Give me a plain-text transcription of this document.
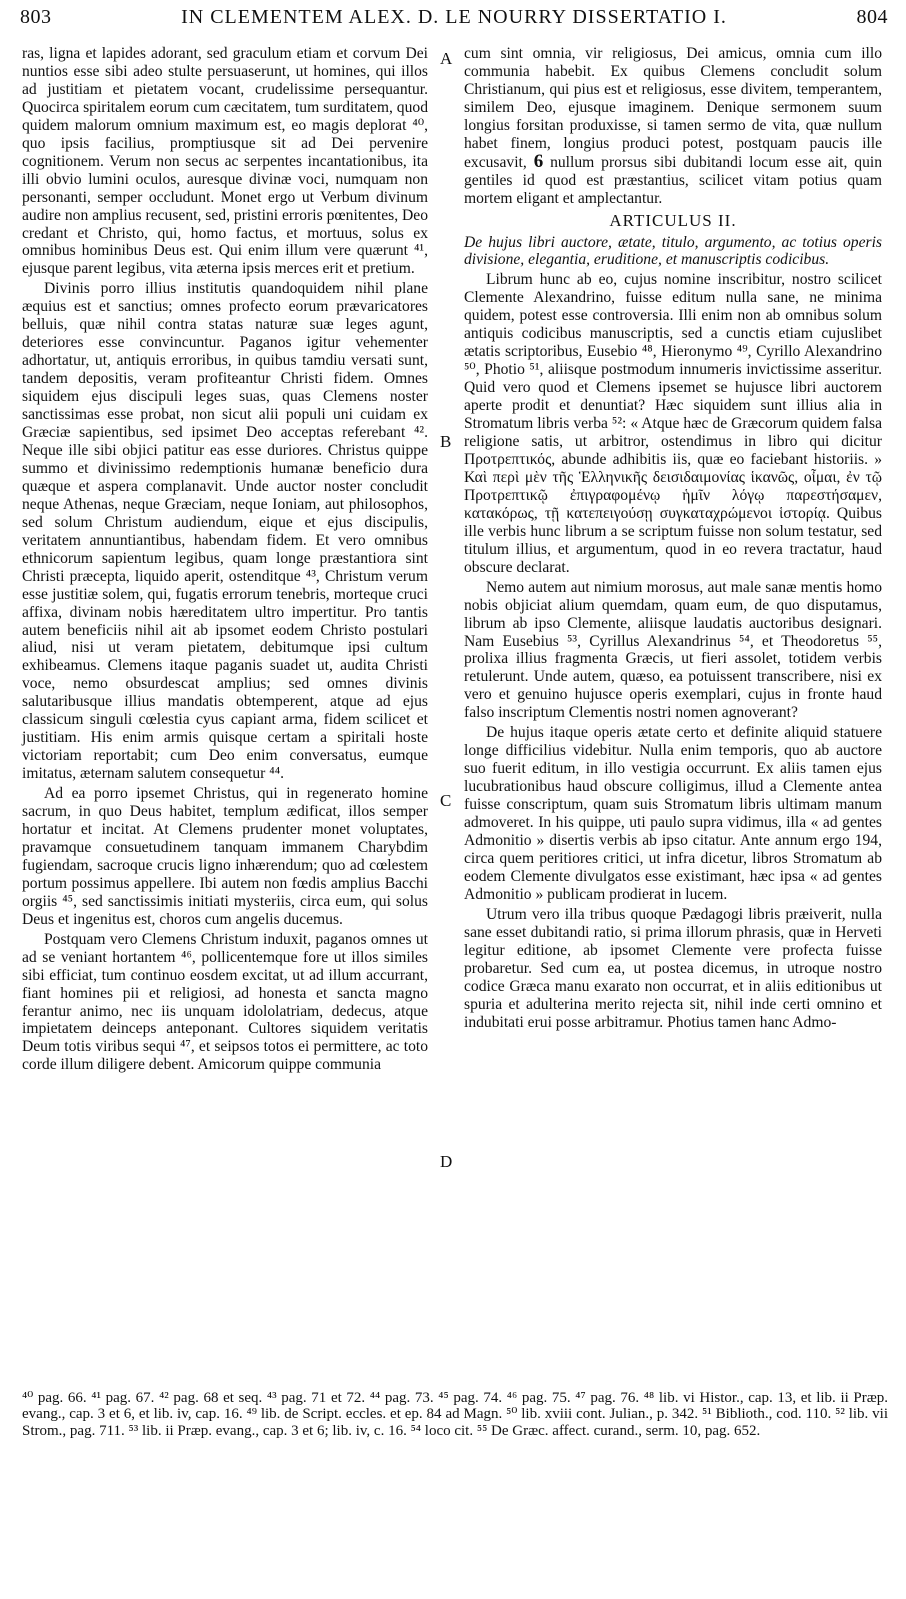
803	IN CLEMENTEM ALEX. D. LE NOURRY DISSERTATIO I.	804
A
B
C
D

ras, ligna et lapides adorant, sed graculum etiam et corvum Dei nuntios esse sibi adeo stulte persuaserunt, ut homines, qui illos ad justitiam et pietatem vocant, crudelissime persequantur. Quocirca spiritalem eorum cum cæcitatem, tum surditatem, quod quidem malorum omnium maximum est, eo magis deplorat ⁴⁰, quo ipsis facilius, promptiusque sit ad Dei pervenire cognitionem. Verum non secus ac serpentes incantationibus, ita illi obvio lumini oculos, auresque divinæ voci, numquam non personanti, semper occludunt. Monet ergo ut Verbum divinum audire non amplius recusent, sed, pristini erroris pœnitentes, Deo credant et Christo, qui, homo factus, et mortuus, solus ex omnibus hominibus Deus est. Qui enim illum vere quærunt ⁴¹, ejusque parent legibus, vita æterna ipsis merces erit et pretium.

Divinis porro illius institutis quandoquidem nihil plane æquius est et sanctius; omnes profecto eorum prævaricatores belluis, quæ nihil contra statas naturæ suæ leges agunt, deteriores esse convincuntur. Paganos igitur vehementer adhortatur, ut, antiquis erroribus, in quibus tamdiu versati sunt, tandem depositis, veram profiteantur Christi fidem. Omnes siquidem ejus discipuli leges suas, quas Clemens noster sanctissimas esse probat, non sicut alii populi uni cuidam ex Græciæ sapientibus, sed ipsimet Deo acceptas referebant ⁴². Neque ille sibi objici patitur eas esse duriores. Christus quippe summo et divinissimo redemptionis humanæ beneficio dura quæque et aspera complanavit. Unde auctor noster concludit neque Athenas, neque Græciam, neque Ioniam, aut philosophos, sed solum Christum audiendum, eique et ejus discipulis, veritatem annuntiantibus, habendam fidem. Et vero omnibus ethnicorum sapientum legibus, quam longe præstantiora sint Christi præcepta, liquido aperit, ostenditque ⁴³, Christum verum esse justitiæ solem, qui, fugatis errorum tenebris, morteque cruci affixa, divinam nobis hæreditatem ultro impertitur. Pro tantis autem beneficiis nihil ait ab ipsomet eodem Christo postulari aliud, nisi ut veram pietatem, debitumque ipsi cultum exhibeamus. Clemens itaque paganis suadet ut, audita Christi voce, nemo obsurdescat amplius; sed omnes divinis salutaribusque illius mandatis obtemperent, atque ad ejus classicum singuli cœlestia cyus capiant arma, fidem scilicet et justitiam. His enim armis quisque certam a spiritali hoste victoriam reportabit; cum Deo enim conversatus, eumque imitatus, æternam salutem consequetur ⁴⁴.

Ad ea porro ipsemet Christus, qui in regenerato homine sacrum, in quo Deus habitet, templum ædificat, illos semper hortatur et incitat. At Clemens prudenter monet voluptates, pravamque consuetudinem tanquam immanem Charybdim fugiendam, sacroque crucis ligno inhærendum; quo ad cœlestem portum possimus appellere. Ibi autem non fœdis amplius Bacchi orgiis ⁴⁵, sed sanctissimis initiati mysteriis, circa eum, qui solus Deus et ingenitus est, choros cum angelis ducemus.

Postquam vero Clemens Christum induxit, paganos omnes ut ad se veniant hortantem ⁴⁶, pollicentemque fore ut illos similes sibi efficiat, tum continuo eosdem excitat, ut ad illum accurrant, fiant homines pii et religiosi, ad honesta et sancta magno ferantur animo, nec iis unquam idololatriam, dedecus, atque impietatem deinceps anteponant. Cultores siquidem veritatis Deum totis viribus sequi ⁴⁷, et seipsos totos ei permittere, ac toto corde illum diligere debent. Amicorum quippe communia

cum sint omnia, vir religiosus, Dei amicus, omnia cum illo communia habebit. Ex quibus Clemens concludit solum Christianum, qui pius est et religiosus, esse divitem, temperantem, similem Deo, ejusque imaginem. Denique sermonem suum longius forsitan produxisse, si tamen sermo de vita, quæ nullum habet finem, longius produci potest, postquam paucis ille excusavit, 6 nullum prorsus sibi dubitandi locum esse ait, quin gentiles id quod est præstantius, scilicet vitam potius quam mortem eligant et amplectantur.

ARTICULUS II.

De hujus libri auctore, ætate, titulo, argumento, ac totius operis divisione, elegantia, eruditione, et manuscriptis codicibus.

Librum hunc ab eo, cujus nomine inscribitur, nostro scilicet Clemente Alexandrino, fuisse editum nulla sane, ne minima quidem, potest esse controversia. Illi enim non ab omnibus solum antiquis codicibus manuscriptis, sed a cunctis etiam cujuslibet ætatis scriptoribus, Eusebio ⁴⁸, Hieronymo ⁴⁹, Cyrillo Alexandrino ⁵⁰, Photio ⁵¹, aliisque postmodum innumeris invictissime asseritur. Quid vero quod et Clemens ipsemet se hujusce libri auctorem aperte prodit et denuntiat? Hæc siquidem sunt illius alia in Stromatum libris verba ⁵²: « Atque hæc de Græcorum quidem falsa religione satis, ut arbitror, ostendimus in libro qui dicitur Προτρεπτικός, abunde adhibitis iis, quæ eo faciebant historiis. » Καὶ περὶ μὲν τῆς Ἑλληνικῆς δεισιδαιμονίας ἱκανῶς, οἶμαι, ἐν τῷ Προτρεπτικῷ ἐπιγραφομένῳ ἡμῖν λόγῳ παρεστήσαμεν, κατακόρως, τῇ κατεπειγούσῃ συγκαταχρώμενοι ἱστορίᾳ. Quibus ille verbis hunc librum a se scriptum fuisse non solum testatur, sed titulum illius, et argumentum, quod in eo revera tractatur, haud obscure declarat.

Nemo autem aut nimium morosus, aut male sanæ mentis homo nobis objiciat alium quemdam, quam eum, de quo disputamus, librum ab ipso Clemente, aliisque laudatis auctoribus designari. Nam Eusebius ⁵³, Cyrillus Alexandrinus ⁵⁴, et Theodoretus ⁵⁵, prolixa illius fragmenta Græcis, ut fieri assolet, totidem verbis retulerunt. Unde autem, quæso, ea potuissent transcribere, nisi ex vero et genuino hujusce operis exemplari, cujus in fronte haud falso inscriptum Clementis nostri nomen agnoverant?

De hujus itaque operis ætate certo et definite aliquid statuere longe difficilius videbitur. Nulla enim temporis, quo ab auctore suo fuerit editum, in illo vestigia occurrunt. Ex aliis tamen ejus lucubrationibus haud obscure colligimus, illud a Clemente antea fuisse conscriptum, quam suis Stromatum libris ultimam manum admoveret. In his quippe, uti paulo supra vidimus, illa « ad gentes Admonitio » disertis verbis ab ipso citatur. Ante annum ergo 194, circa quem peritiores critici, ut infra dicetur, libros Stromatum ab eodem Clemente divulgatos esse existimant, hæc ipsa « ad gentes Admonitio » publicam prodierat in lucem.

Utrum vero illa tribus quoque Pædagogi libris præiverit, nulla sane esset dubitandi ratio, si prima illorum phrasis, quæ in Herveti legitur editione, ab ipsomet Clemente vere profecta fuisse probaretur. Sed cum ea, ut postea dicemus, in utroque nostro codice Græca manu exarato non occurrat, et in aliis editionibus ut spuria et adulterina merito rejecta sit, nihil inde certi omnino et indubitati erui posse arbitramur. Photius tamen hanc Admo-

⁴⁰ pag. 66. ⁴¹ pag. 67. ⁴² pag. 68 et seq. ⁴³ pag. 71 et 72. ⁴⁴ pag. 73. ⁴⁵ pag. 74. ⁴⁶ pag. 75. ⁴⁷ pag. 76. ⁴⁸ lib. vi Histor., cap. 13, et lib. ii Præp. evang., cap. 3 et 6, et lib. iv, cap. 16. ⁴⁹ lib. de Script. eccles. et ep. 84 ad Magn. ⁵⁰ lib. xviii cont. Julian., p. 342. ⁵¹ Biblioth., cod. 110. ⁵² lib. vii Strom., pag. 711. ⁵³ lib. ii Præp. evang., cap. 3 et 6; lib. iv, c. 16. ⁵⁴ loco cit. ⁵⁵ De Græc. affect. curand., serm. 10, pag. 652.
